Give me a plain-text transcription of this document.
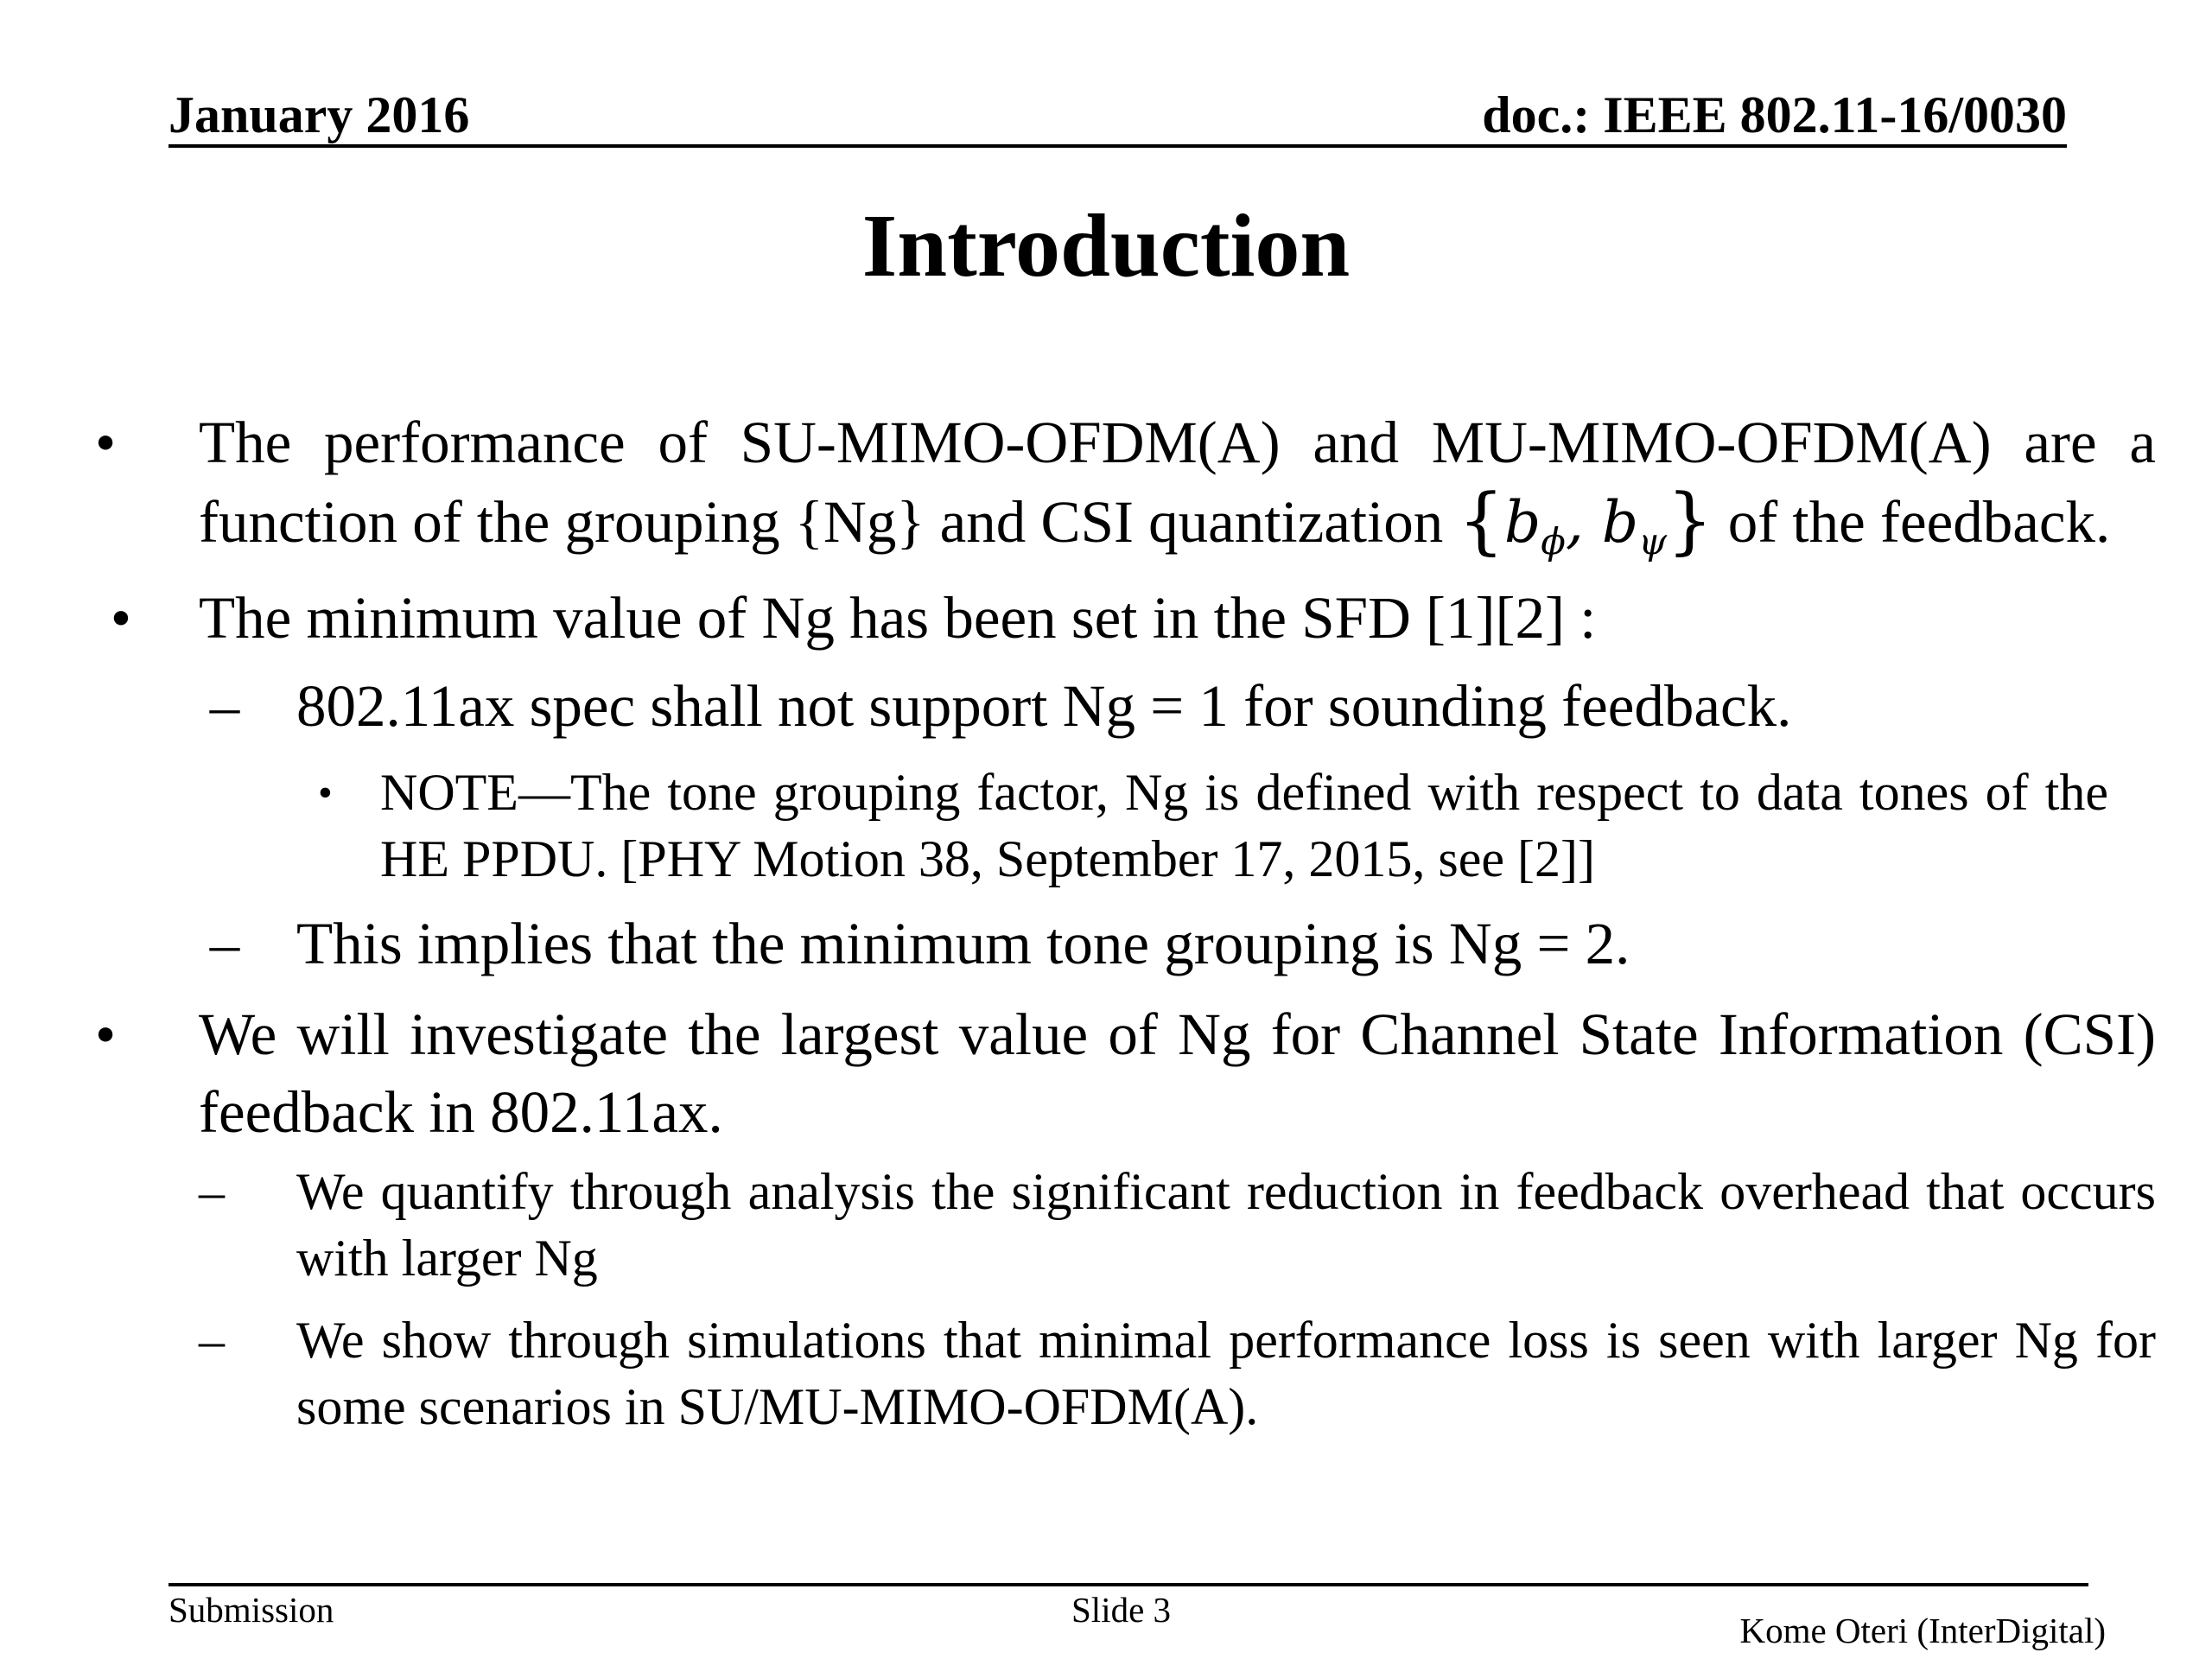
January 2016	doc.: IEEE 802.11-16/0030
Introduction
•	The performance of SU-MIMO-OFDM(A) and MU-MIMO-OFDM(A) are a function of the grouping {Ng} and CSI quantization {$b_\phi$, $b_\psi$} of the feedback.
• The minimum value of Ng has been set in the SFD [1][2] :
– 802.11ax spec shall not support Ng = 1 for sounding feedback.
• NOTE—The tone grouping factor, Ng is defined with respect to data tones of the HE PPDU. [PHY Motion 38, September 17, 2015, see [2]]
– This implies that the minimum tone grouping is Ng = 2.
•	We will investigate the largest value of Ng for Channel State Information (CSI) feedback in 802.11ax.
–	We quantify through analysis the significant reduction in feedback overhead that occurs with larger Ng
–	We show through simulations that minimal performance loss is seen with larger Ng for some scenarios in SU/MU-MIMO-OFDM(A).
Submission	Slide 3
Kome Oteri (InterDigital)
